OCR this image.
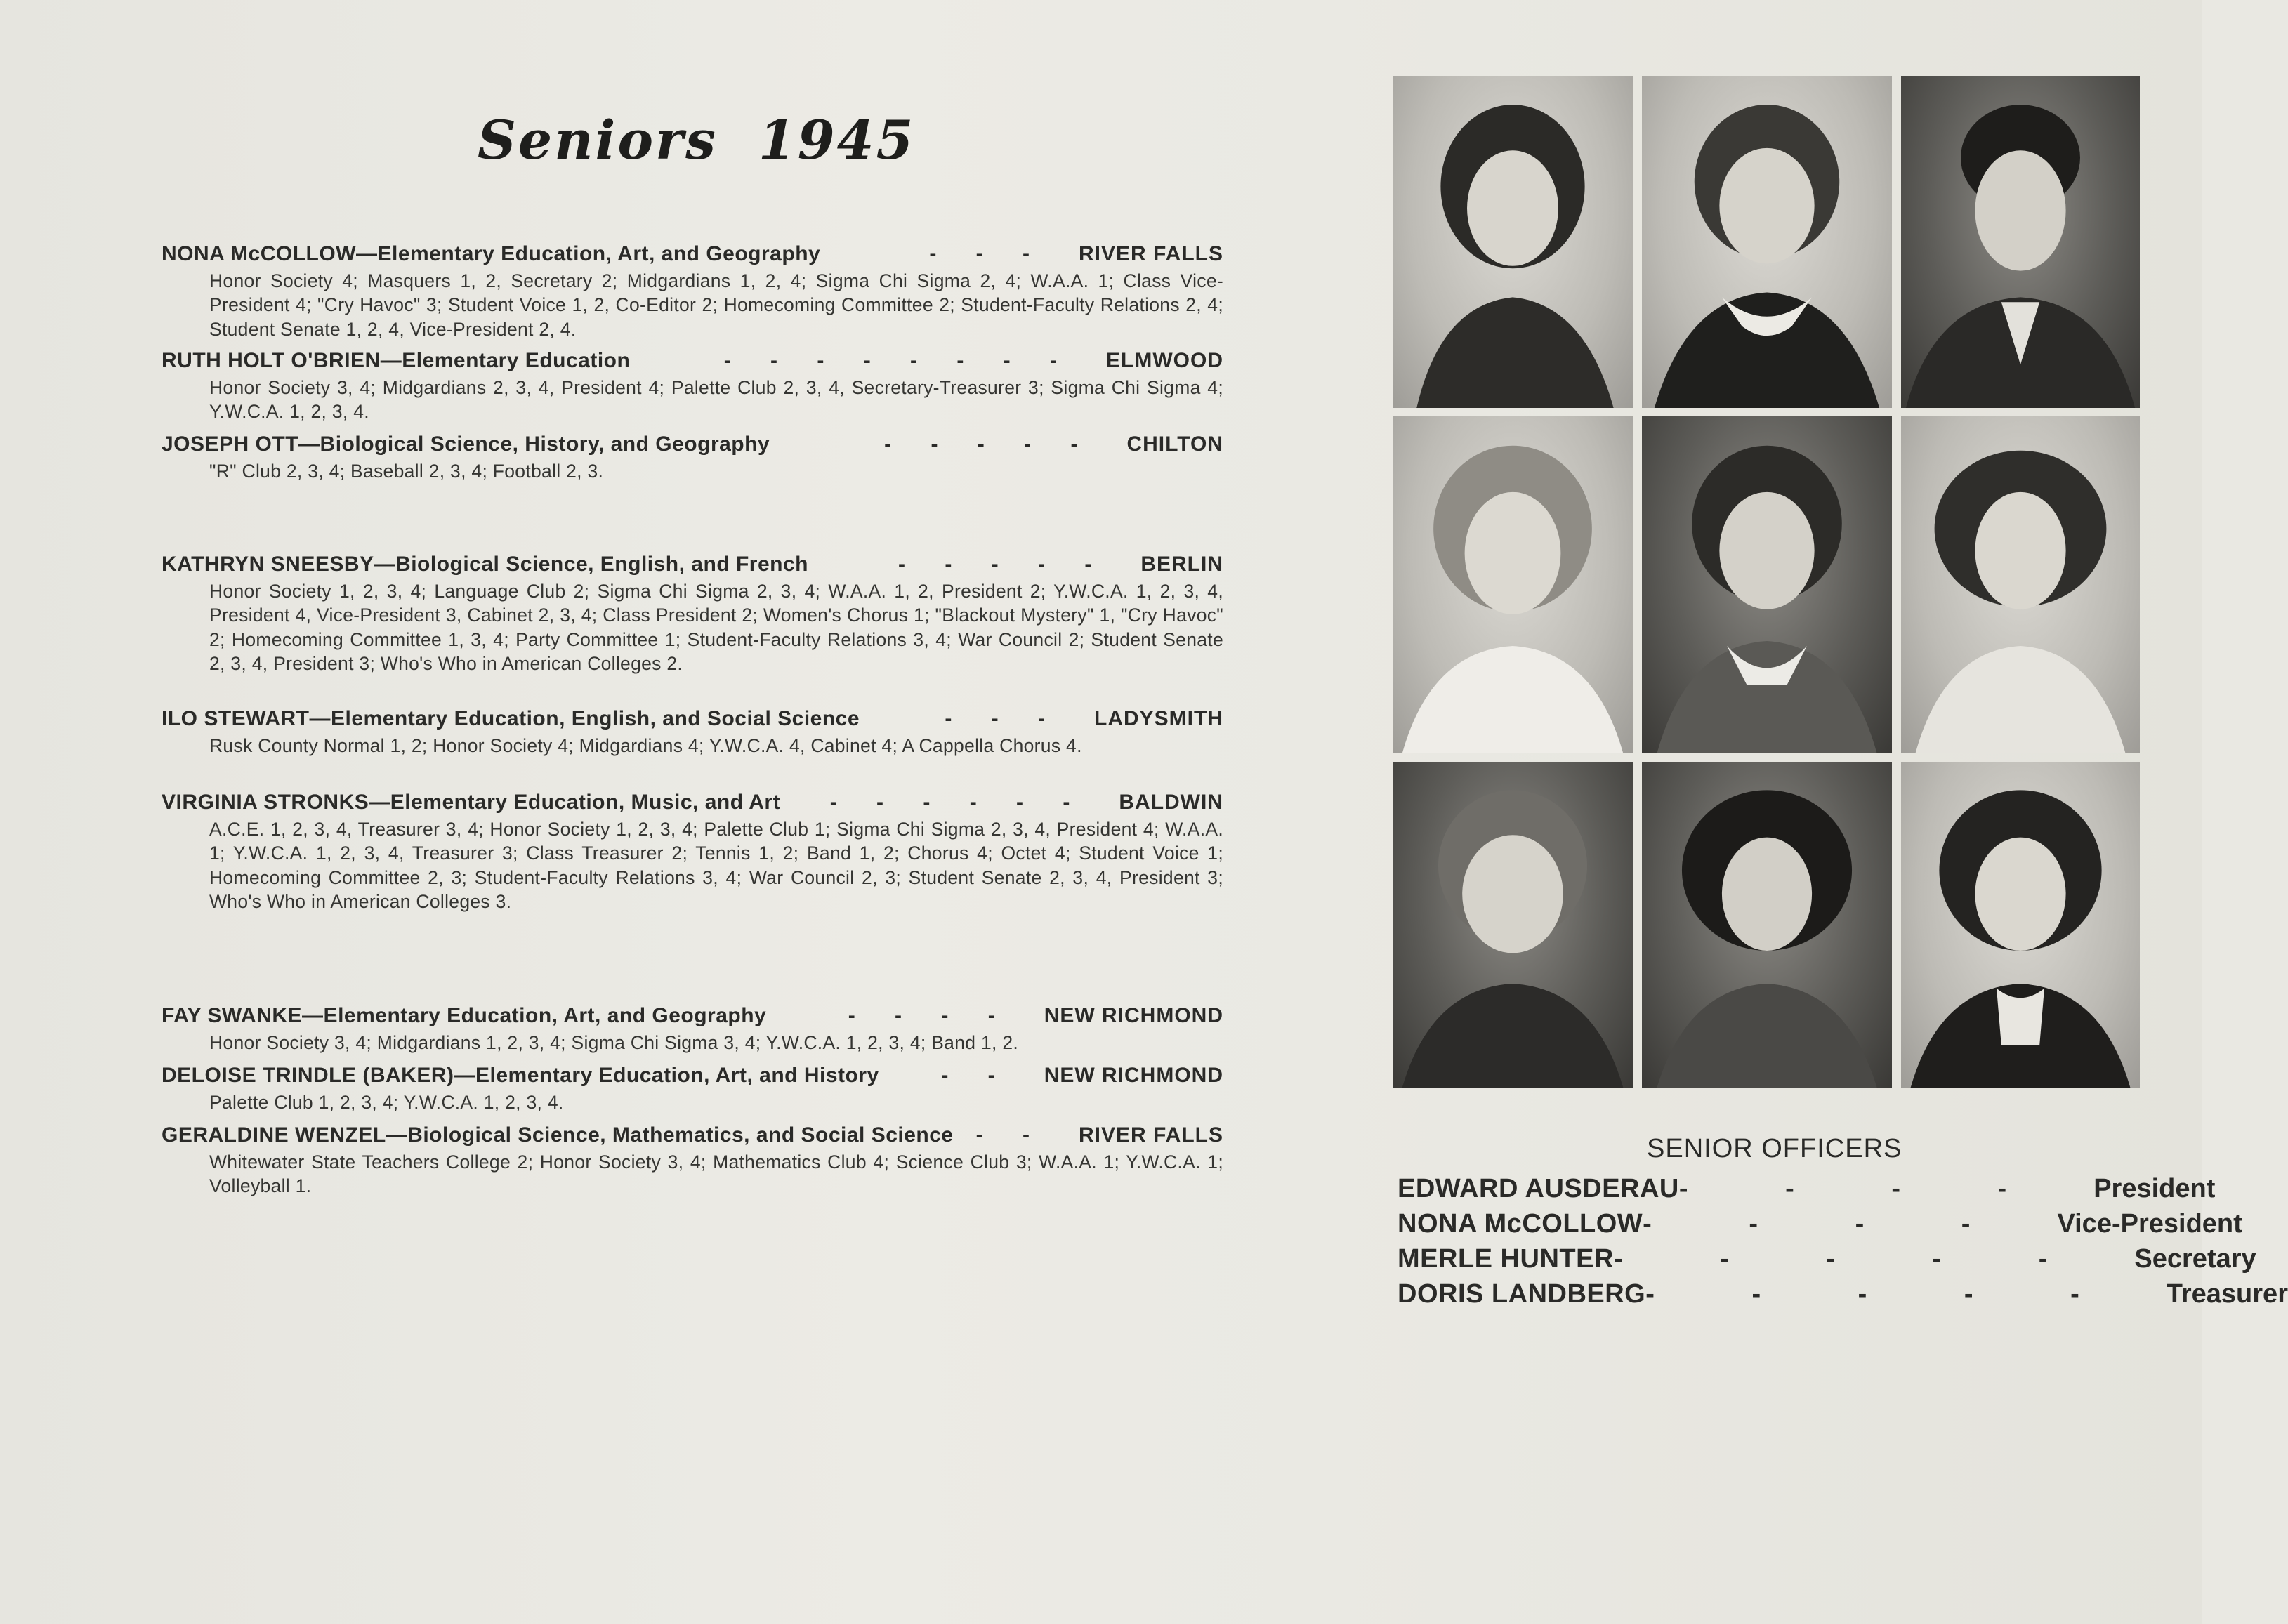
Seniors 1945
NONA McCOLLOW—Elementary Education, Art, and Geography	- - -	RIVER FALLS
Honor Society 4; Masquers 1, 2, Secretary 2; Midgardians 1, 2, 4; Sigma Chi Sigma 2, 4; W.A.A. 1; Class Vice-President 4; "Cry Havoc" 3; Student Voice 1, 2, Co-Editor 2; Homecoming Committee 2; Student-Faculty Relations 2, 4; Student Senate 1, 2, 4, Vice-President 2, 4.
RUTH HOLT O'BRIEN—Elementary Education	- - - - - - - -	ELMWOOD
Honor Society 3, 4; Midgardians 2, 3, 4, President 4; Palette Club 2, 3, 4, Secretary-Treasurer 3; Sigma Chi Sigma 4; Y.W.C.A. 1, 2, 3, 4.
JOSEPH OTT—Biological Science, History, and Geography	- - - - -	CHILTON
"R" Club 2, 3, 4; Baseball 2, 3, 4; Football 2, 3.
KATHRYN SNEESBY—Biological Science, English, and French	- - - - -	BERLIN
Honor Society 1, 2, 3, 4; Language Club 2; Sigma Chi Sigma 2, 3, 4; W.A.A. 1, 2, President 2; Y.W.C.A. 1, 2, 3, 4, President 4, Vice-President 3, Cabinet 2, 3, 4; Class President 2; Women's Chorus 1; "Blackout Mystery" 1, "Cry Havoc" 2; Homecoming Committee 1, 3, 4; Party Committee 1; Student-Faculty Relations 3, 4; War Council 2; Student Senate 2, 3, 4, President 3; Who's Who in American Colleges 2.
ILO STEWART—Elementary Education, English, and Social Science	- - -	LADYSMITH
Rusk County Normal 1, 2; Honor Society 4; Midgardians 4; Y.W.C.A. 4, Cabinet 4; A Cappella Chorus 4.
VIRGINIA STRONKS—Elementary Education, Music, and Art	- - - - - -	BALDWIN
A.C.E. 1, 2, 3, 4, Treasurer 3, 4; Honor Society 1, 2, 3, 4; Palette Club 1; Sigma Chi Sigma 2, 3, 4, President 4; W.A.A. 1; Y.W.C.A. 1, 2, 3, 4, Treasurer 3; Class Treasurer 2; Tennis 1, 2; Band 1, 2; Chorus 4; Octet 4; Student Voice 1; Homecoming Committee 2, 3; Student-Faculty Relations 3, 4; War Council 2, 3; Student Senate 2, 3, 4, President 3; Who's Who in American Colleges 3.
FAY SWANKE—Elementary Education, Art, and Geography	- - - -	NEW RICHMOND
Honor Society 3, 4; Midgardians 1, 2, 3, 4; Sigma Chi Sigma 3, 4; Y.W.C.A. 1, 2, 3, 4; Band 1, 2.
DELOISE TRINDLE (BAKER)—Elementary Education, Art, and History	- -	NEW RICHMOND
Palette Club 1, 2, 3, 4; Y.W.C.A. 1, 2, 3, 4.
GERALDINE WENZEL—Biological Science, Mathematics, and Social Science	- -	RIVER FALLS
Whitewater State Teachers College 2; Honor Society 3, 4; Mathematics Club 4; Science Club 3; W.A.A. 1; Y.W.C.A. 1; Volleyball 1.
SENIOR OFFICERS
EDWARD AUSDERAU - - - -	President
NONA McCOLLOW - - - -	Vice-President
MERLE HUNTER - - - - -	Secretary
DORIS LANDBERG - - - - -	Treasurer
